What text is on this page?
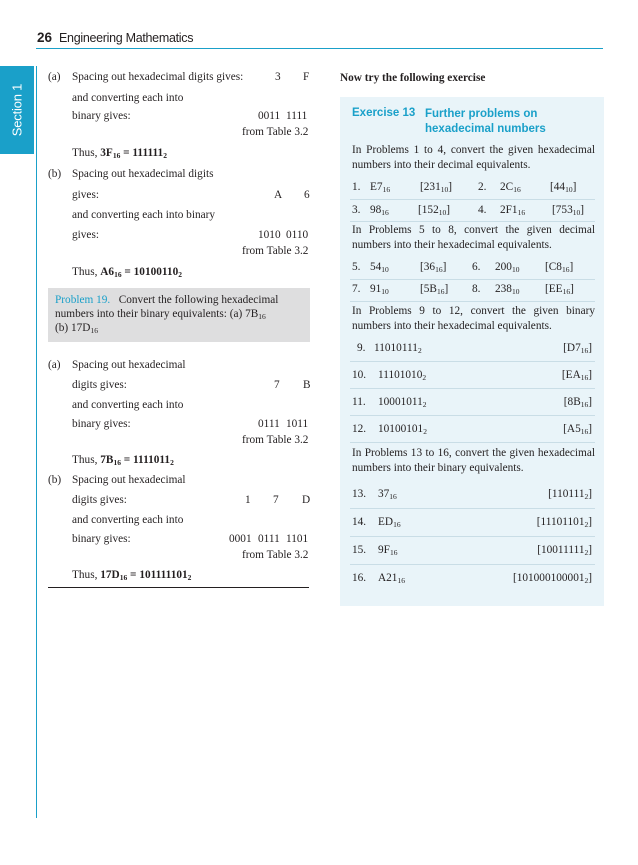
26 Engineering Mathematics
Section 1
(a) Spacing out hexadecimal digits gives:	3 F
and converting each into
binary gives:	0011 1111
from Table 3.2
Thus, $3F_{16} = 111111_2$
(b) Spacing out hexadecimal digits
gives:	A 6
and converting each into binary
gives:	1010 0110
from Table 3.2
Thus, $A6_{16} = 10100110_2$
Problem 19. Convert the following hexadecimal
numbers into their binary equivalents: (a) $7B_{16}$
(b) $17D_{16}$
(a) Spacing out hexadecimal
digits gives:	7 B
and converting each into
binary gives:	0111 1011
from Table 3.2
Thus, $7B_{16} = 1111011_2$
(b) Spacing out hexadecimal
digits gives:	1 7 D
and converting each into
binary gives:	0001 0111 1101
from Table 3.2
Thus, $17D_{16} = 101111101_2$
Now try the following exercise
Exercise 13 Further problems on hexadecimal numbers
In Problems 1 to 4, convert the given hexadecimal numbers into their decimal equivalents.
1. $E7_{16}$	$[231_{10}]$ 2. $2C_{16}$	$[44_{10}]$
3. $98_{16}$	$[152_{10}]$ 4. $2F1_{16}$ $[753_{10}]$
In Problems 5 to 8, convert the given decimal numbers into their hexadecimal equivalents.
5. $54_{10}$	$[36_{16}]$ 6. $200_{10}$ $[C8_{16}]$
7. $91_{10}$	$[5B_{16}]$ 8. $238_{10}$ $[EE_{16}]$
In Problems 9 to 12, convert the given binary numbers into their hexadecimal equivalents.
9. $11010111_2$	$[D7_{16}]$
10. $11101010_2$	$[EA_{16}]$
11. $10001011_2$	$[8B_{16}]$
12. $10100101_2$	$[A5_{16}]$
In Problems 13 to 16, convert the given hexadecimal numbers into their binary equivalents.
13. $37_{16}$	$[110111_2]$
14. $ED_{16}$	$[11101101_2]$
15. $9F_{16}$	$[10011111_2]$
16. $A21_{16}$	$[101000100001_2]$
